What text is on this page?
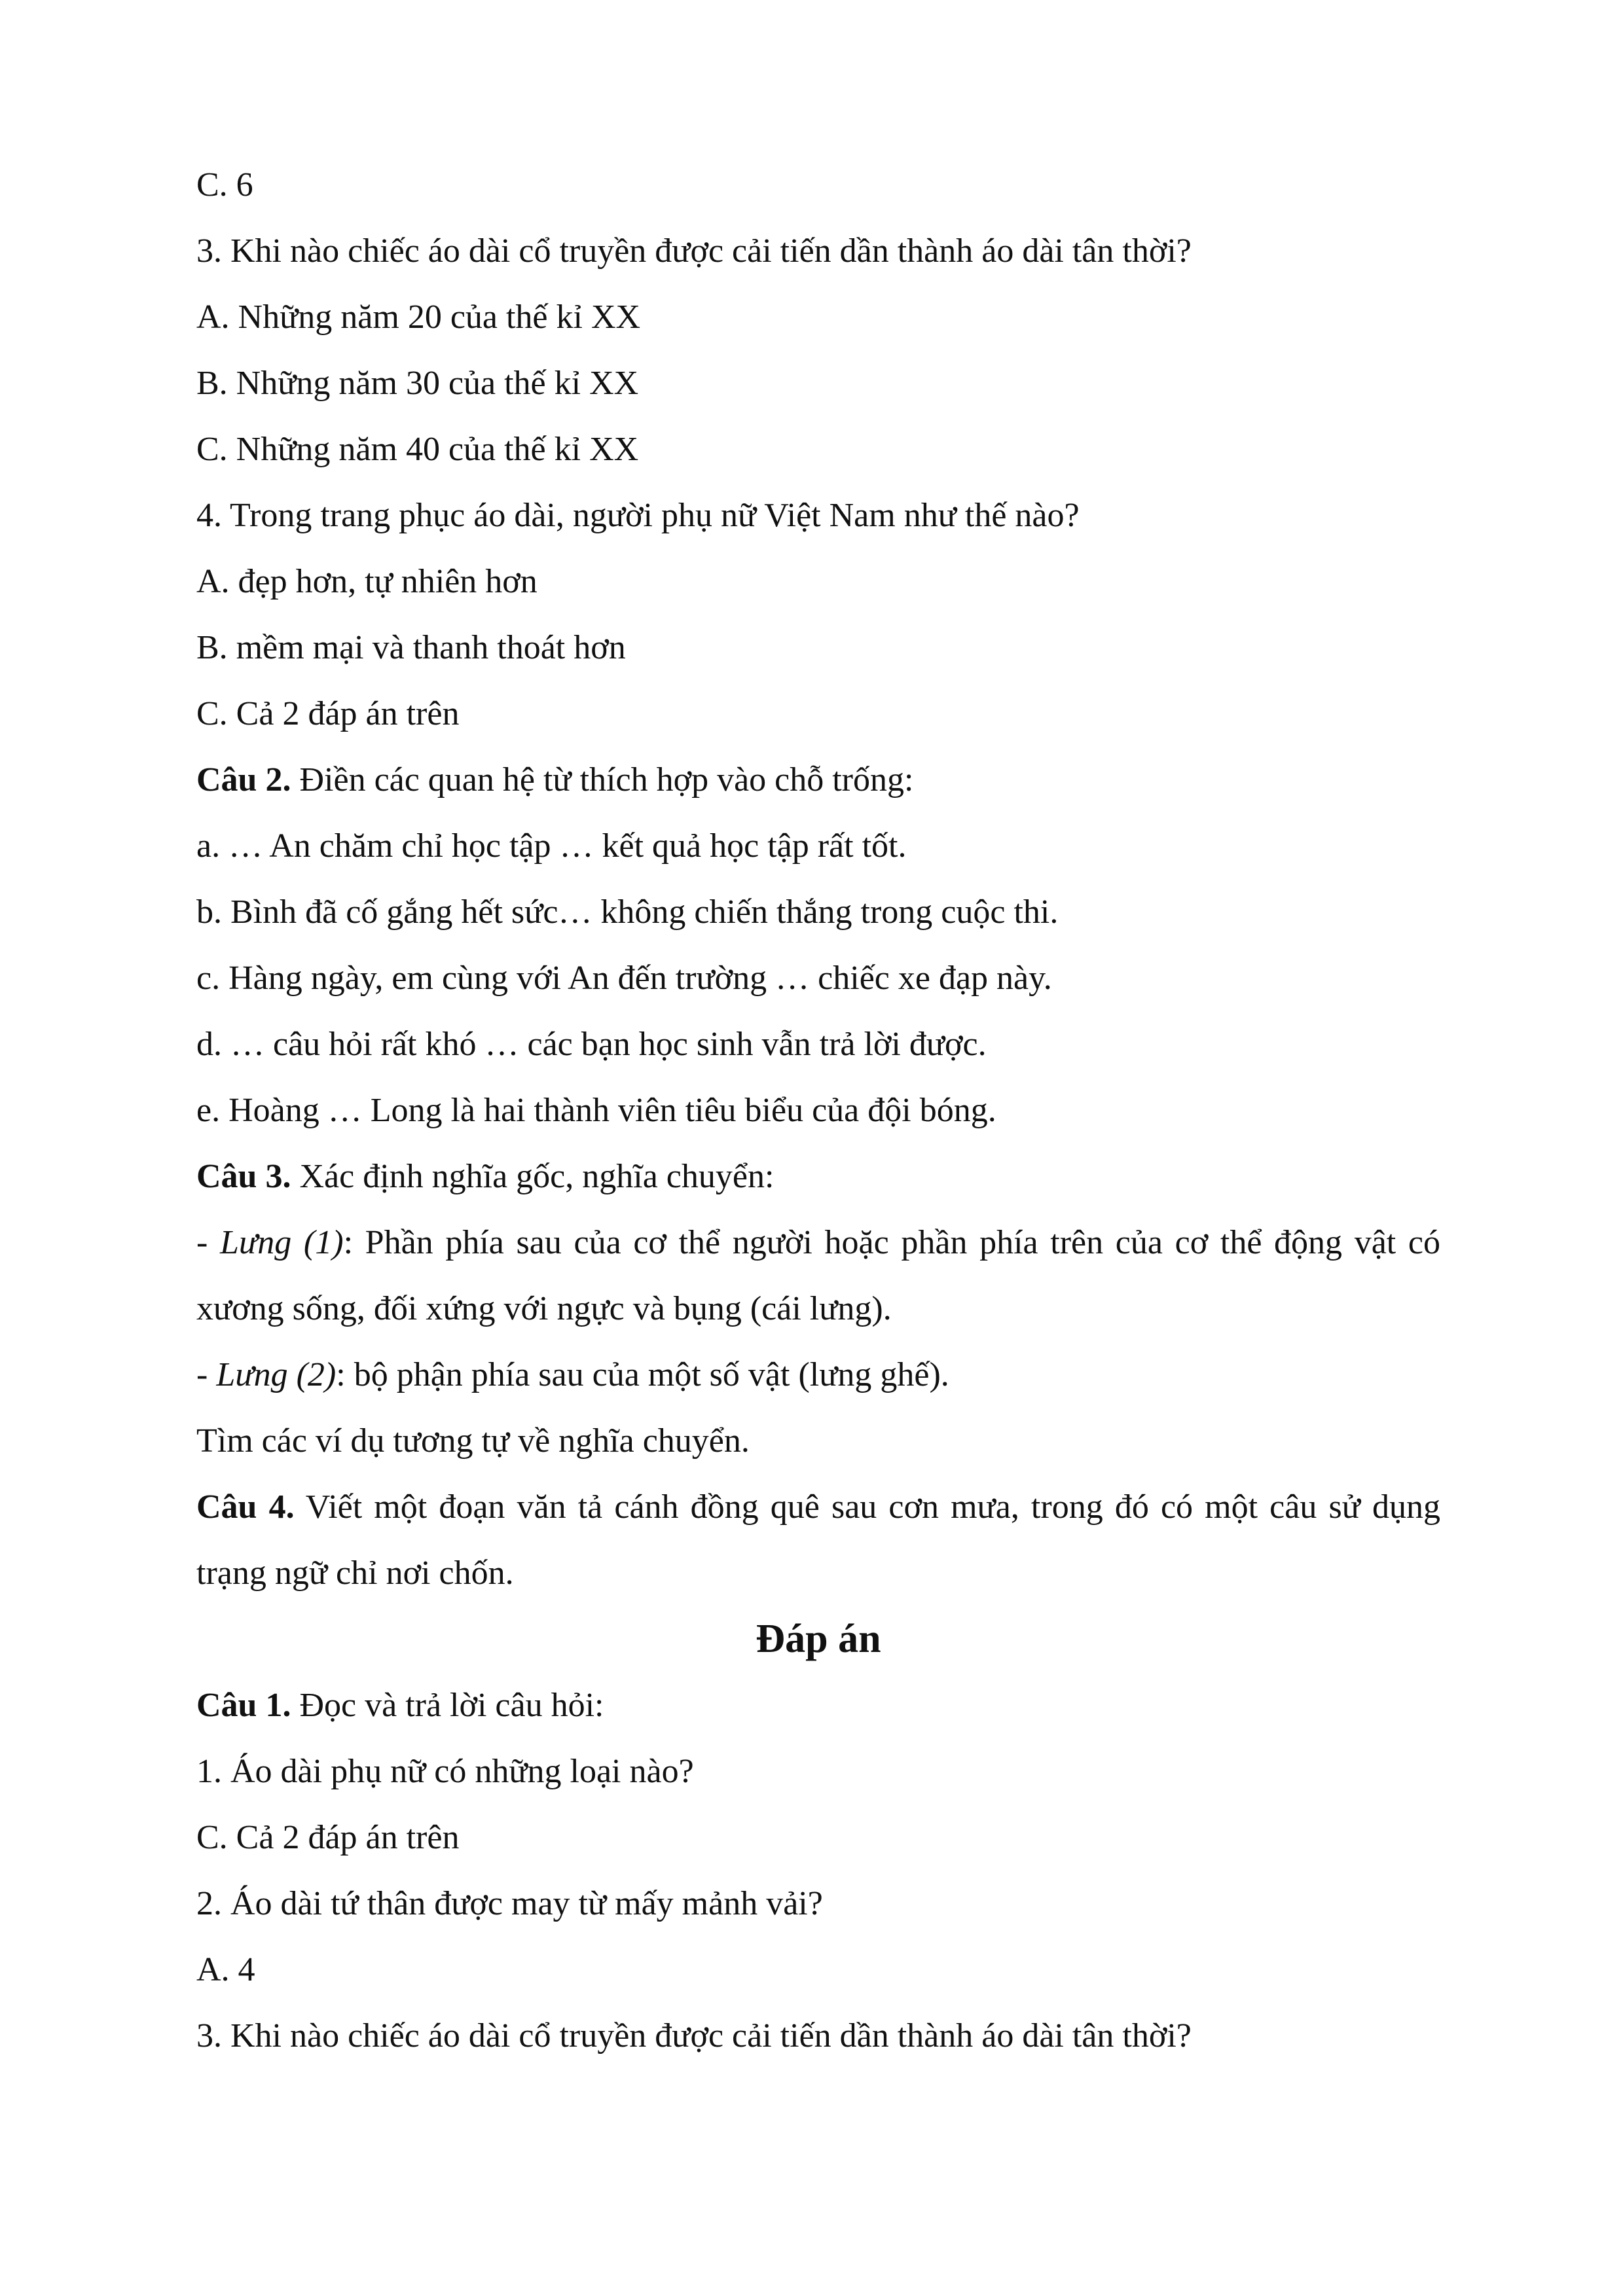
C. 6
3. Khi nào chiếc áo dài cổ truyền được cải tiến dần thành áo dài tân thời?
A. Những năm 20 của thế kỉ XX
B. Những năm 30 của thế kỉ XX
C. Những năm 40 của thế kỉ XX
4. Trong trang phục áo dài, người phụ nữ Việt Nam như thế nào?
A. đẹp hơn, tự nhiên hơn
B. mềm mại và thanh thoát hơn
C. Cả 2 đáp án trên
Câu 2. Điền các quan hệ từ thích hợp vào chỗ trống:
a. … An chăm chỉ học tập … kết quả học tập rất tốt.
b. Bình đã cố gắng hết sức… không chiến thắng trong cuộc thi.
c. Hàng ngày, em cùng với An đến trường … chiếc xe đạp này.
d. … câu hỏi rất khó … các bạn học sinh vẫn trả lời được.
e. Hoàng … Long là hai thành viên tiêu biểu của đội bóng.
Câu 3. Xác định nghĩa gốc, nghĩa chuyển:
- Lưng (1): Phần phía sau của cơ thể người hoặc phần phía trên của cơ thể động vật có xương sống, đối xứng với ngực và bụng (cái lưng).
- Lưng (2): bộ phận phía sau của một số vật (lưng ghế).
Tìm các ví dụ tương tự về nghĩa chuyển.
Câu 4. Viết một đoạn văn tả cánh đồng quê sau cơn mưa, trong đó có một câu sử dụng trạng ngữ chỉ nơi chốn.
Đáp án
Câu 1. Đọc và trả lời câu hỏi:
1. Áo dài phụ nữ có những loại nào?
C. Cả 2 đáp án trên
2. Áo dài tứ thân được may từ mấy mảnh vải?
A. 4
3. Khi nào chiếc áo dài cổ truyền được cải tiến dần thành áo dài tân thời?
